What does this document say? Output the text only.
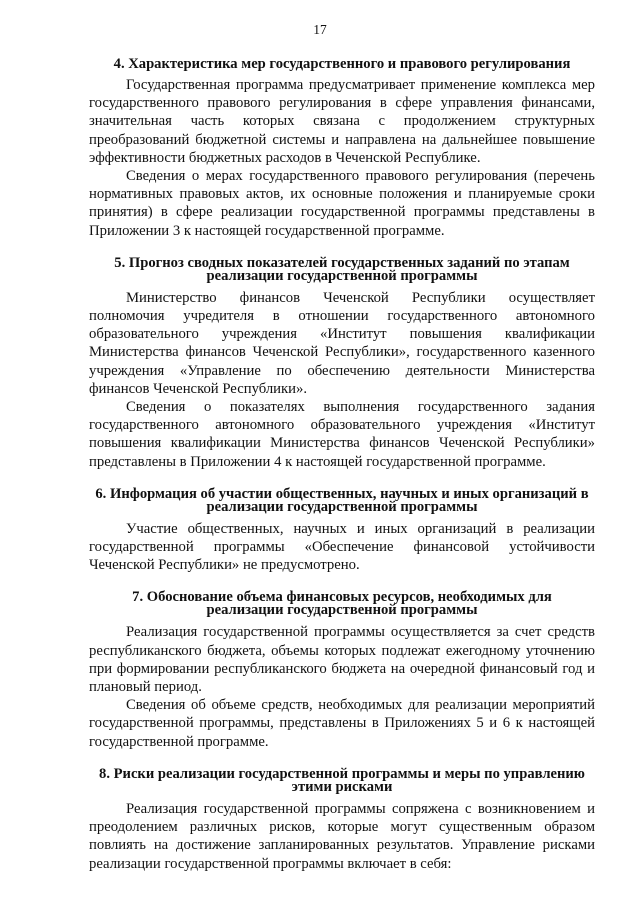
17
4. Характеристика мер государственного и правового регулирования

Государственная программа предусматривает применение комплекса мер государственного правового регулирования в сфере управления финансами, значительная часть которых связана с продолжением структурных преобразований бюджетной системы и направлена на дальнейшее повышение эффективности бюджетных расходов в Чеченской Республике.

Сведения о мерах государственного правового регулирования (перечень нормативных правовых актов, их основные положения и планируемые сроки принятия) в сфере реализации государственной программы представлены в Приложении 3 к настоящей государственной программе.

5. Прогноз сводных показателей государственных заданий по этапам реализации государственной программы

Министерство финансов Чеченской Республики осуществляет полномочия учредителя в отношении государственного автономного образовательного учреждения «Институт повышения квалификации Министерства финансов Чеченской Республики», государственного казенного учреждения «Управление по обеспечению деятельности Министерства финансов Чеченской Республики».

Сведения о показателях выполнения государственного задания государственного автономного образовательного учреждения «Институт повышения квалификации Министерства финансов Чеченской Республики» представлены в Приложении 4 к настоящей государственной программе.

6. Информация об участии общественных, научных и иных организаций в реализации государственной программы

Участие общественных, научных и иных организаций в реализации государственной программы «Обеспечение финансовой устойчивости Чеченской Республики» не предусмотрено.

7. Обоснование объема финансовых ресурсов, необходимых для реализации государственной программы

Реализация государственной программы осуществляется за счет средств республиканского бюджета, объемы которых подлежат ежегодному уточнению при формировании республиканского бюджета на очередной финансовый год и плановый период.

Сведения об объеме средств, необходимых для реализации мероприятий государственной программы, представлены в Приложениях 5 и 6 к настоящей государственной программе.

8. Риски реализации государственной программы и меры по управлению этими рисками

Реализация государственной программы сопряжена с возникновением и преодолением различных рисков, которые могут существенным образом повлиять на достижение запланированных результатов. Управление рисками реализации государственной программы включает в себя:
